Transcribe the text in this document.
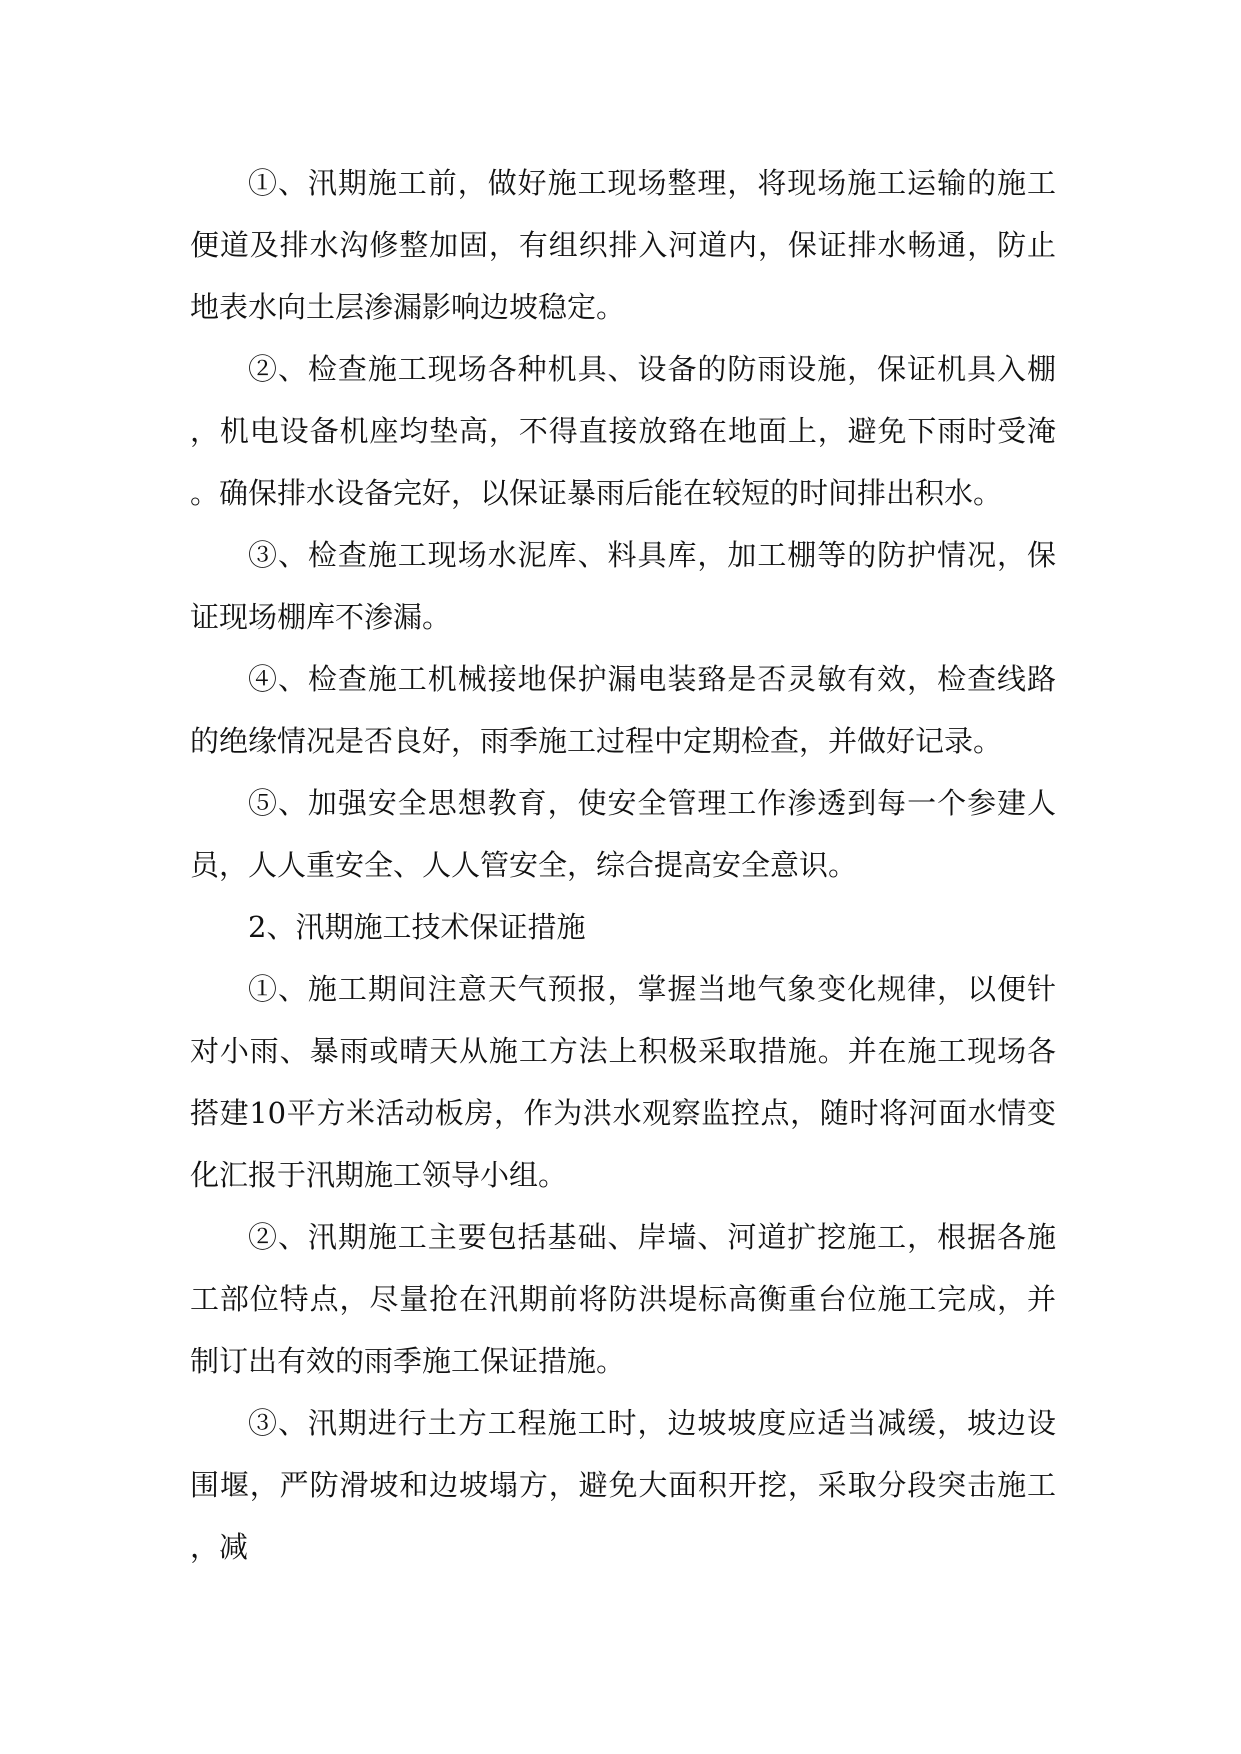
①、汛期施工前，做好施工现场整理，将现场施工运输的施工便道及排水沟修整加固，有组织排入河道内，保证排水畅通，防止地表水向土层渗漏影响边坡稳定。

②、检查施工现场各种机具、设备的防雨设施，保证机具入棚，机电设备机座均垫高，不得直接放臵在地面上，避免下雨时受淹。确保排水设备完好，以保证暴雨后能在较短的时间排出积水。

③、检查施工现场水泥库、料具库，加工棚等的防护情况，保证现场棚库不渗漏。

④、检查施工机械接地保护漏电装臵是否灵敏有效，检查线路的绝缘情况是否良好，雨季施工过程中定期检查，并做好记录。

⑤、加强安全思想教育，使安全管理工作渗透到每一个参建人员，人人重安全、人人管安全，综合提高安全意识。

2、汛期施工技术保证措施

①、施工期间注意天气预报，掌握当地气象变化规律，以便针对小雨、暴雨或晴天从施工方法上积极采取措施。并在施工现场各搭建10平方米活动板房，作为洪水观察监控点，随时将河面水情变化汇报于汛期施工领导小组。

②、汛期施工主要包括基础、岸墙、河道扩挖施工，根据各施工部位特点，尽量抢在汛期前将防洪堤标高衡重台位施工完成，并制订出有效的雨季施工保证措施。

③、汛期进行土方工程施工时，边坡坡度应适当减缓，坡边设围堰，严防滑坡和边坡塌方，避免大面积开挖，采取分段突击施工，减
